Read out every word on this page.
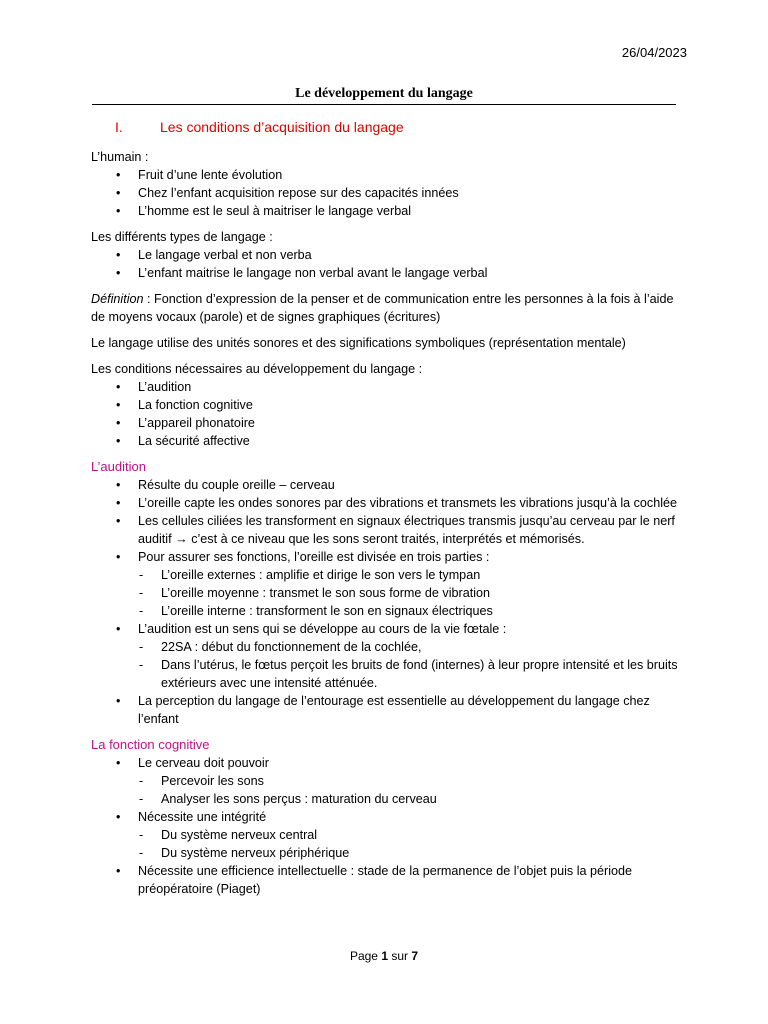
26/04/2023
Le développement du langage
I.	Les conditions d’acquisition du langage

L’humain :

• Fruit d’une lente évolution
• Chez l’enfant acquisition repose sur des capacités innées
• L’homme est le seul à maitriser le langage verbal

Les différents types de langage :

• Le langage verbal et non verba
• L’enfant maitrise le langage non verbal avant le langage verbal

Définition : Fonction d’expression de la penser et de communication entre les personnes à la fois à l’aide de moyens vocaux (parole) et de signes graphiques (écritures)

Le langage utilise des unités sonores et des significations symboliques (représentation mentale)

Les conditions nécessaires au développement du langage :

• L’audition
• La fonction cognitive
• L’appareil phonatoire
• La sécurité affective

L’audition

• Résulte du couple oreille – cerveau
• L’oreille capte les ondes sonores par des vibrations et transmets les vibrations jusqu’à la cochlée
• Les cellules ciliées les transforment en signaux électriques transmis jusqu’au cerveau par le nerf auditif → c’est à ce niveau que les sons seront traités, interprétés et mémorisés.
• Pour assurer ses fonctions, l’oreille est divisée en trois parties :
- L’oreille externes : amplifie et dirige le son vers le tympan
- L’oreille moyenne : transmet le son sous forme de vibration
- L’oreille interne : transforment le son en signaux électriques
• L’audition est un sens qui se développe au cours de la vie fœtale :
- 22SA : début du fonctionnement de la cochlée,
- Dans l’utérus, le fœtus perçoit les bruits de fond (internes) à leur propre intensité et les bruits extérieurs avec une intensité atténuée.
• La perception du langage de l’entourage est essentielle au développement du langage chez l’enfant

La fonction cognitive

• Le cerveau doit pouvoir
- Percevoir les sons
- Analyser les sons perçus : maturation du cerveau
• Nécessite une intégrité
- Du système nerveux central
- Du système nerveux périphérique
• Nécessite une efficience intellectuelle : stade de la permanence de l’objet puis la période préopératoire (Piaget)
Page 1 sur 7
